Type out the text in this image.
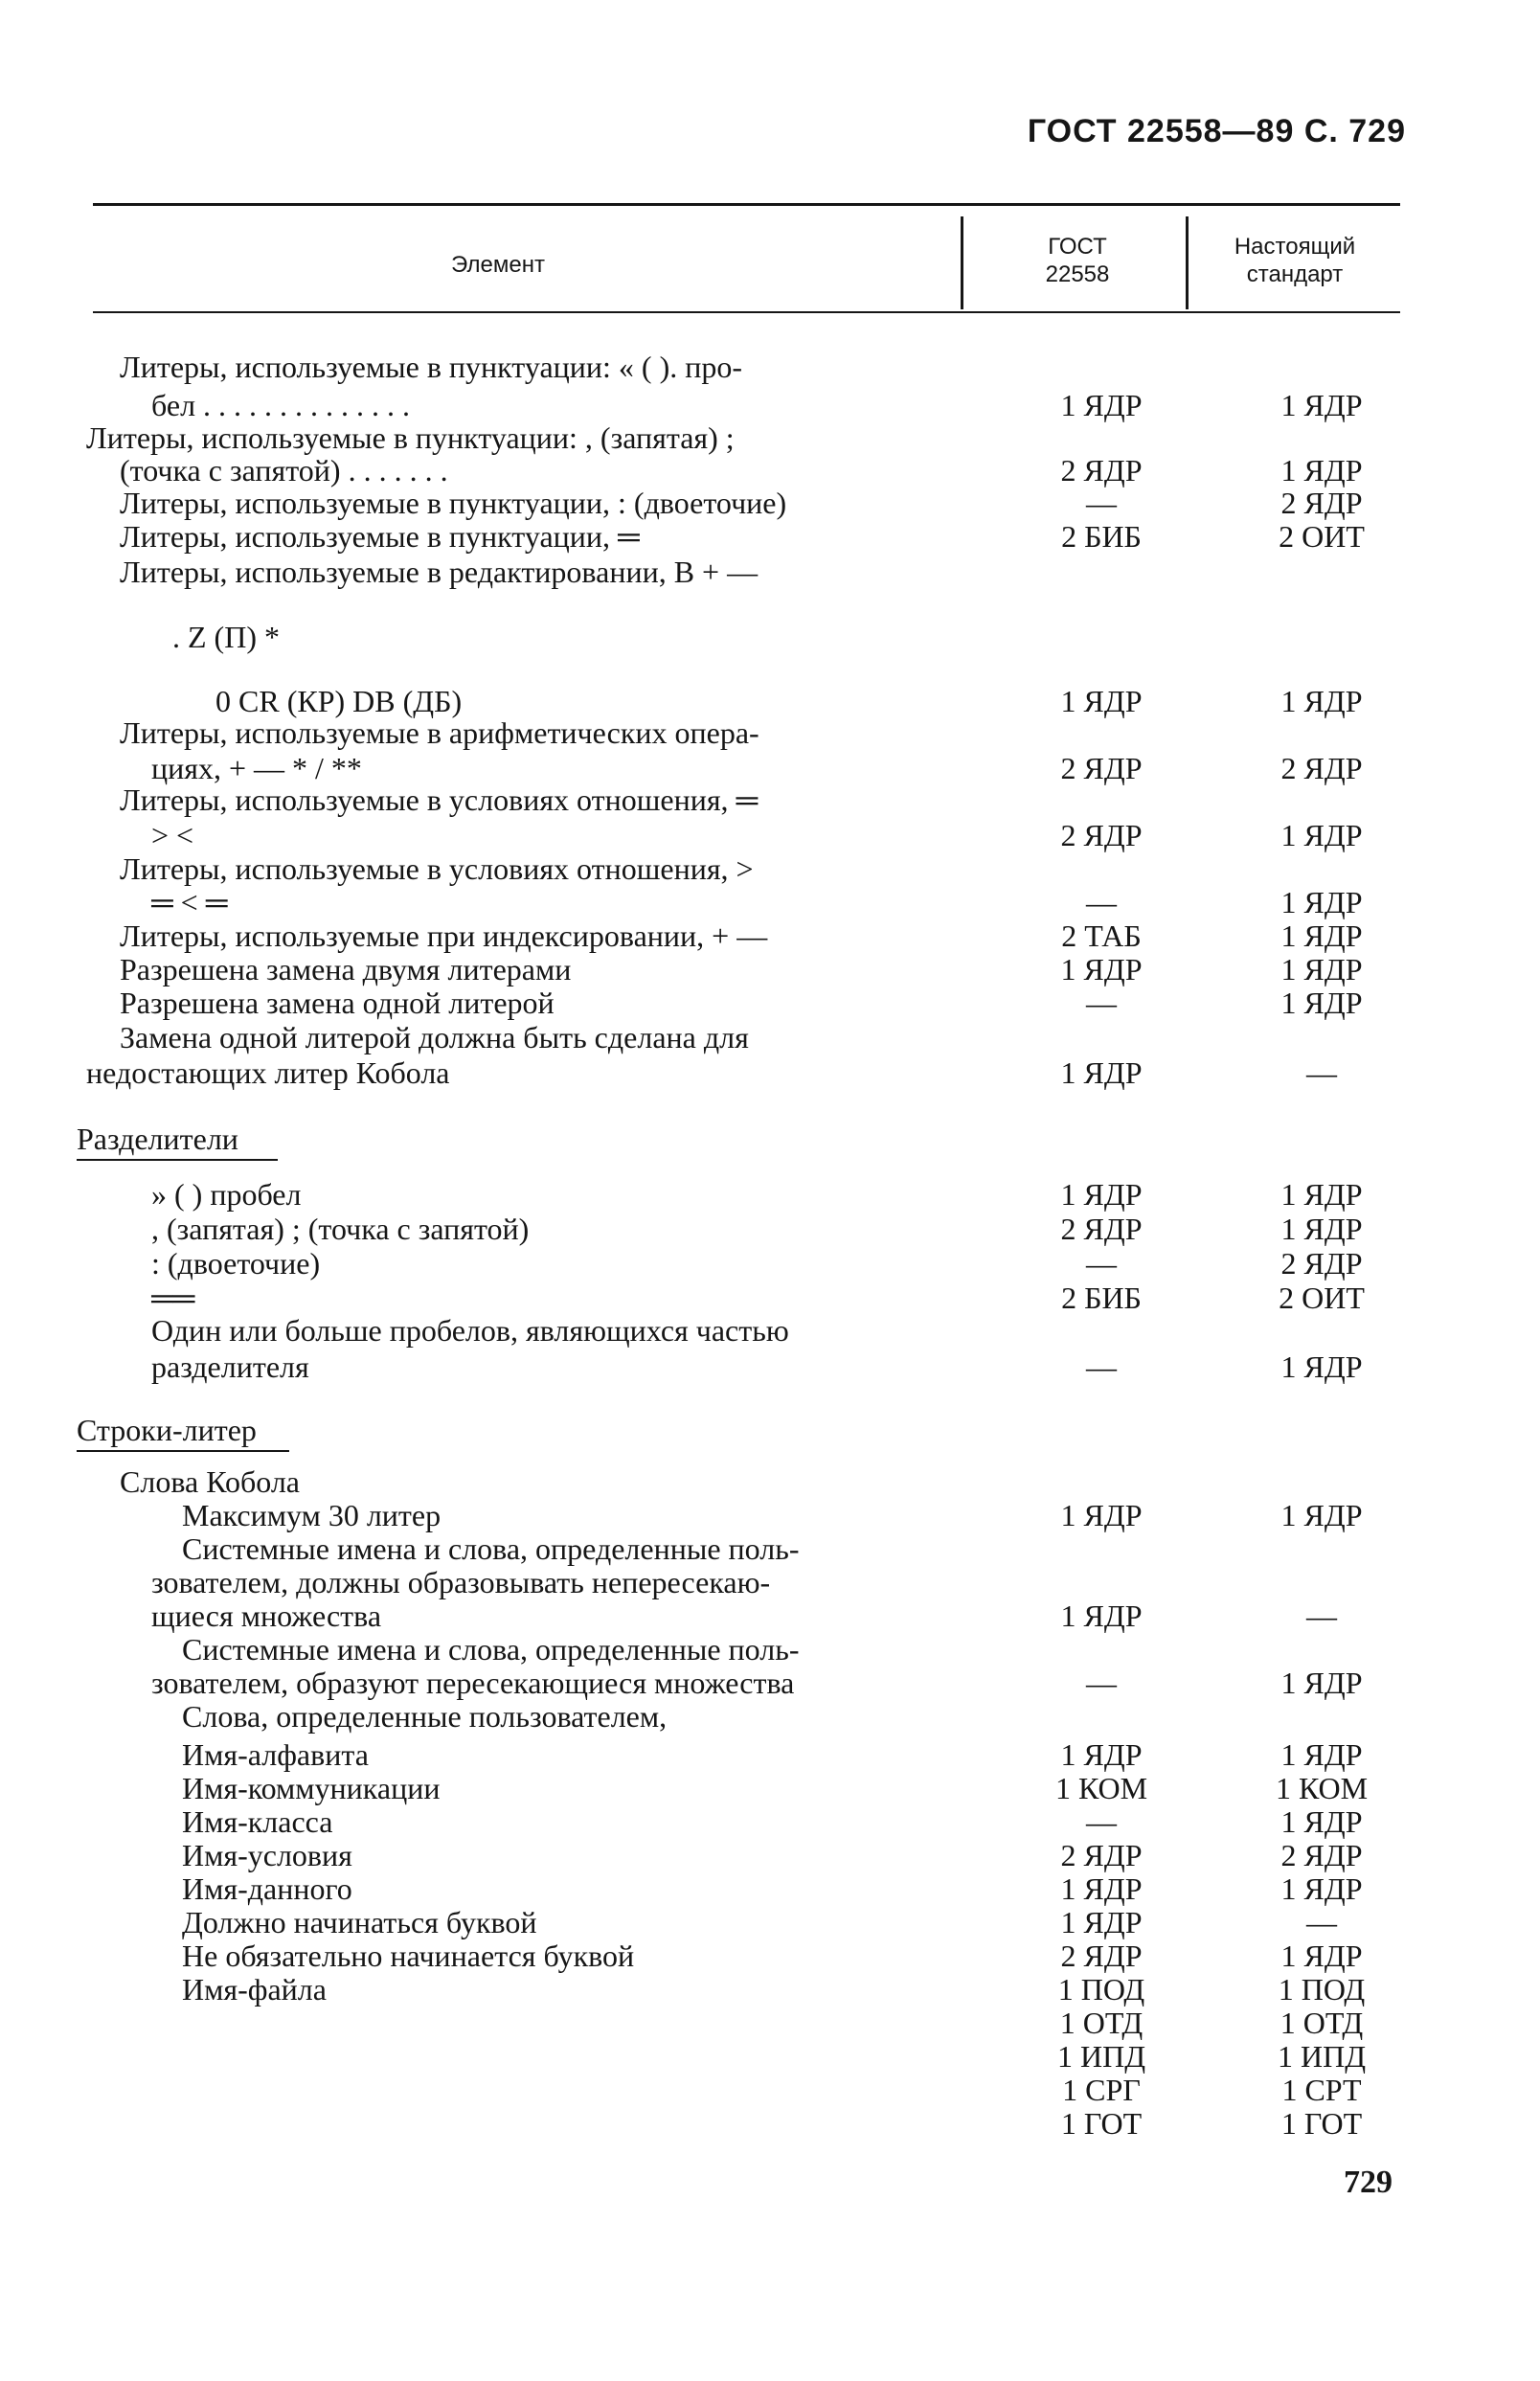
ГОСТ 22558—89 С. 729
Элемент
ГОСТ
22558
Настоящий
стандарт
Литеры, используемые в пунктуации: « ( ). про-
бел . . . . . . . . . . . . . .	1 ЯДР	1 ЯДР
Литеры, используемые в пунктуации: , (запятая) ;
(точка с запятой) . . . . . . .	2 ЯДР	1 ЯДР
Литеры, используемые в пунктуации, : (двоеточие)	—	2 ЯДР
Литеры, используемые в пунктуации, ═	2 БИБ	2 ОИТ
Литеры, используемые в редактировании, В + —
. Z (П) *
0 CR (КР) DB (ДБ)	1 ЯДР	1 ЯДР
Литеры, используемые в арифметических опера-
циях, + — * / **	2 ЯДР	2 ЯДР
Литеры, используемые в условиях отношения, ═
> <	2 ЯДР	1 ЯДР
Литеры, используемые в условиях отношения, >
═ < ═	—	1 ЯДР
Литеры, используемые при индексировании, + —	2 ТАБ	1 ЯДР
Разрешена замена двумя литерами	1 ЯДР	1 ЯДР
Разрешена замена одной литерой	—	1 ЯДР
Замена одной литерой должна быть сделана для
недостающих литер Кобола	1 ЯДР	—
Разделители
» ( ) пробел	1 ЯДР	1 ЯДР
, (запятая) ; (точка с запятой)	2 ЯДР	1 ЯДР
: (двоеточие)	—	2 ЯДР
══	2 БИБ	2 ОИТ
Один или больше пробелов, являющихся частью
разделителя	—	1 ЯДР
Строки-литер
Слова Кобола
Максимум 30 литер	1 ЯДР	1 ЯДР
Системные имена и слова, определенные поль-
зователем, должны образовывать непересекаю-
щиеся множества	1 ЯДР	—
Системные имена и слова, определенные поль-
зователем, образуют пересекающиеся множества	—	1 ЯДР
Слова, определенные пользователем,
Имя-алфавита	1 ЯДР	1 ЯДР
Имя-коммуникации	1 КОМ	1 КОМ
Имя-класса	—	1 ЯДР
Имя-условия	2 ЯДР	2 ЯДР
Имя-данного	1 ЯДР	1 ЯДР
Должно начинаться буквой	1 ЯДР	—
Не обязательно начинается буквой	2 ЯДР	1 ЯДР
Имя-файла	1 ПОД	1 ПОД
1 ОТД	1 ОТД
1 ИПД	1 ИПД
1 СРГ	1 СРТ
1 ГОТ	1 ГОТ
729
